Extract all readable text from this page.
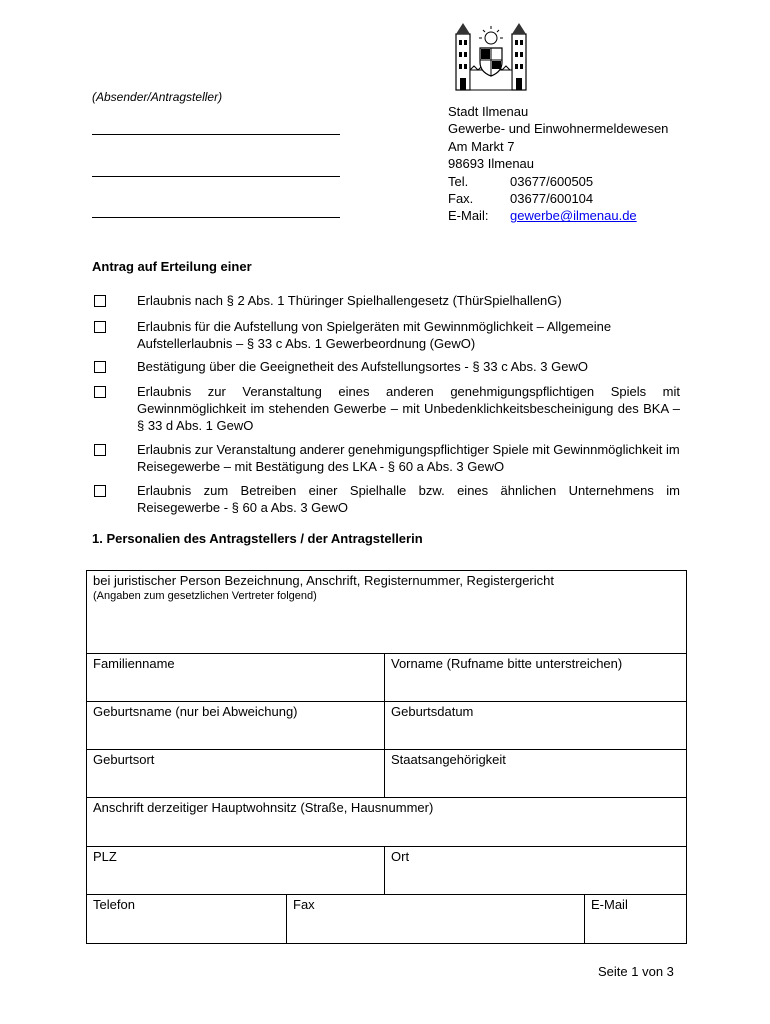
(Absender/Antragsteller)
Stadt Ilmenau
Gewerbe- und Einwohnermeldewesen
Am Markt 7
98693 Ilmenau
Tel.	03677/600505
Fax.	03677/600104
E-Mail: gewerbe@ilmenau.de
Antrag auf Erteilung einer
Erlaubnis nach § 2 Abs. 1 Thüringer Spielhallengesetz (ThürSpielhallenG)
Erlaubnis für die Aufstellung von Spielgeräten mit Gewinnmöglichkeit – Allgemeine Aufstellerlaubnis – § 33 c Abs. 1 Gewerbeordnung (GewO)
Bestätigung über die Geeignetheit des Aufstellungsortes - § 33 c Abs. 3 GewO
Erlaubnis zur Veranstaltung eines anderen genehmigungspflichtigen Spiels mit Gewinnmöglichkeit im stehenden Gewerbe – mit Unbedenklichkeitsbescheinigung des BKA – § 33 d Abs. 1 GewO
Erlaubnis zur Veranstaltung anderer genehmigungspflichtiger Spiele mit Gewinnmöglichkeit im Reisegewerbe – mit Bestätigung des LKA - § 60 a Abs. 3 GewO
Erlaubnis zum Betreiben einer Spielhalle bzw. eines ähnlichen Unternehmens im Reisegewerbe - § 60 a Abs. 3 GewO
1. Personalien des Antragstellers / der Antragstellerin
bei juristischer Person Bezeichnung, Anschrift, Registernummer, Registergericht
(Angaben zum gesetzlichen Vertreter folgend)			

Familienname		Vorname (Rufname bitte unterstreichen)	
Geburtsname (nur bei Abweichung)		Geburtsdatum	
Geburtsort		Staatsangehörigkeit	
Anschrift derzeitiger Hauptwohnsitz (Straße, Hausnummer)			
PLZ		Ort	
Telefon	Fax		E-Mail
Seite 1 von 3
